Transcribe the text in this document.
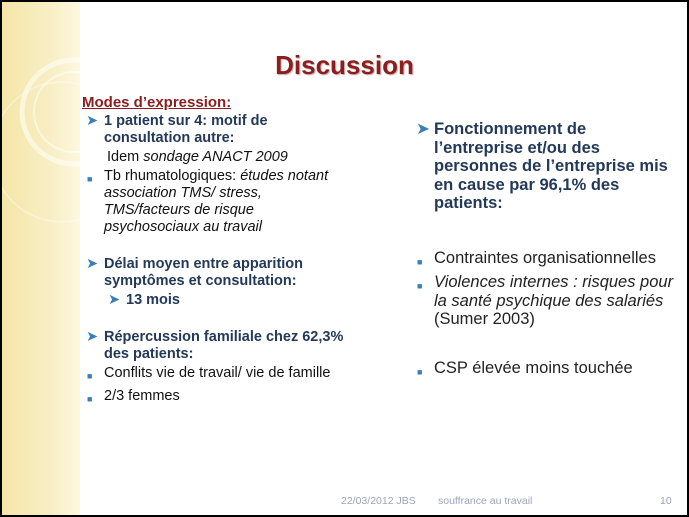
Discussion
Modes d’expression:
➤ 1 patient sur 4: motif de consultation autre:
Idem sondage ANACT 2009
■ Tb rhumatologiques: études notant association TMS/ stress, TMS/facteurs de risque psychosociaux au travail
➤ Délai moyen entre apparition symptômes et consultation:
➤ 13 mois
➤ Répercussion familiale chez 62,3% des patients:
■ Conflits vie de travail/ vie de famille
■ 2/3 femmes
➤ Fonctionnement de l’entreprise et/ou des personnes de l’entreprise mis en cause par 96,1% des patients:
■ Contraintes organisationnelles
■ Violences internes : risques pour la santé psychique des salariés (Sumer 2003)
■ CSP élevée moins touchée
22/03/2012 JBS souffrance au travail	10
